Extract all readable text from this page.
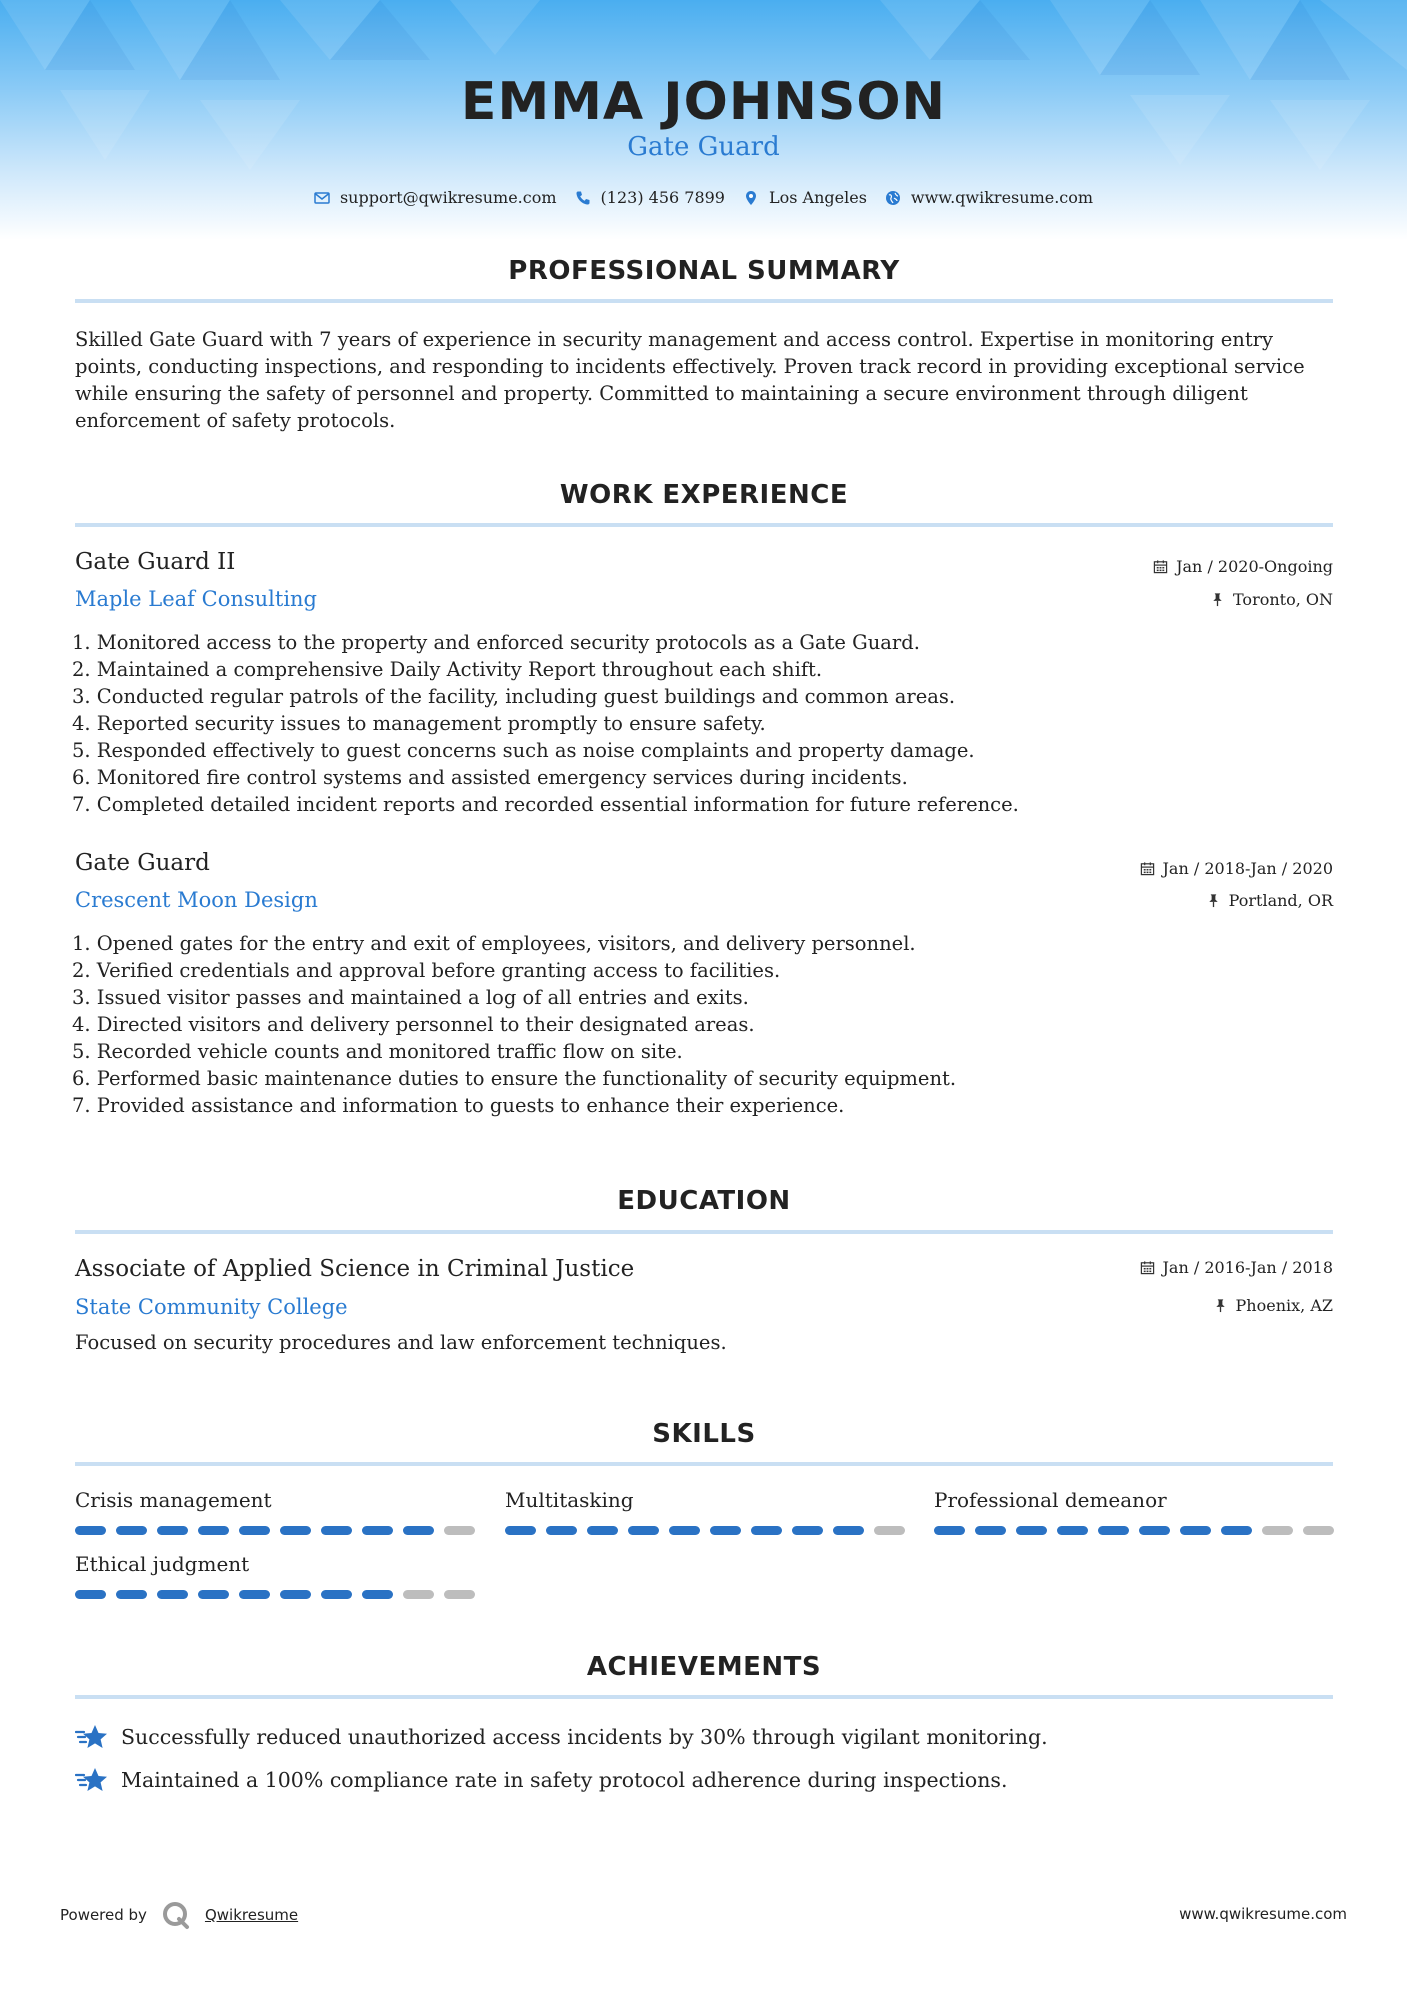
EMMA JOHNSON
Gate Guard
support@qwikresume.com	(123) 456 7899	Los Angeles	www.qwikresume.com
PROFESSIONAL SUMMARY
Skilled Gate Guard with 7 years of experience in security management and access control. Expertise in monitoring entry points, conducting inspections, and responding to incidents effectively. Proven track record in providing exceptional service while ensuring the safety of personnel and property. Committed to maintaining a secure environment through diligent enforcement of safety protocols.
WORK EXPERIENCE
Gate Guard II
Maple Leaf Consulting
Jan / 2020-Ongoing
Toronto, ON
1. Monitored access to the property and enforced security protocols as a Gate Guard.
2. Maintained a comprehensive Daily Activity Report throughout each shift.
3. Conducted regular patrols of the facility, including guest buildings and common areas.
4. Reported security issues to management promptly to ensure safety.
5. Responded effectively to guest concerns such as noise complaints and property damage.
6. Monitored fire control systems and assisted emergency services during incidents.
7. Completed detailed incident reports and recorded essential information for future reference.
Gate Guard
Crescent Moon Design
Jan / 2018-Jan / 2020
Portland, OR
1. Opened gates for the entry and exit of employees, visitors, and delivery personnel.
2. Verified credentials and approval before granting access to facilities.
3. Issued visitor passes and maintained a log of all entries and exits.
4. Directed visitors and delivery personnel to their designated areas.
5. Recorded vehicle counts and monitored traffic flow on site.
6. Performed basic maintenance duties to ensure the functionality of security equipment.
7. Provided assistance and information to guests to enhance their experience.
EDUCATION
Associate of Applied Science in Criminal Justice
State Community College
Jan / 2016-Jan / 2018
Phoenix, AZ
Focused on security procedures and law enforcement techniques.
SKILLS
Crisis management	Multitasking	Professional demeanor
Ethical judgment
ACHIEVEMENTS
Successfully reduced unauthorized access incidents by 30% through vigilant monitoring.
Maintained a 100% compliance rate in safety protocol adherence during inspections.
Powered by	Qwikresume	www.qwikresume.com
